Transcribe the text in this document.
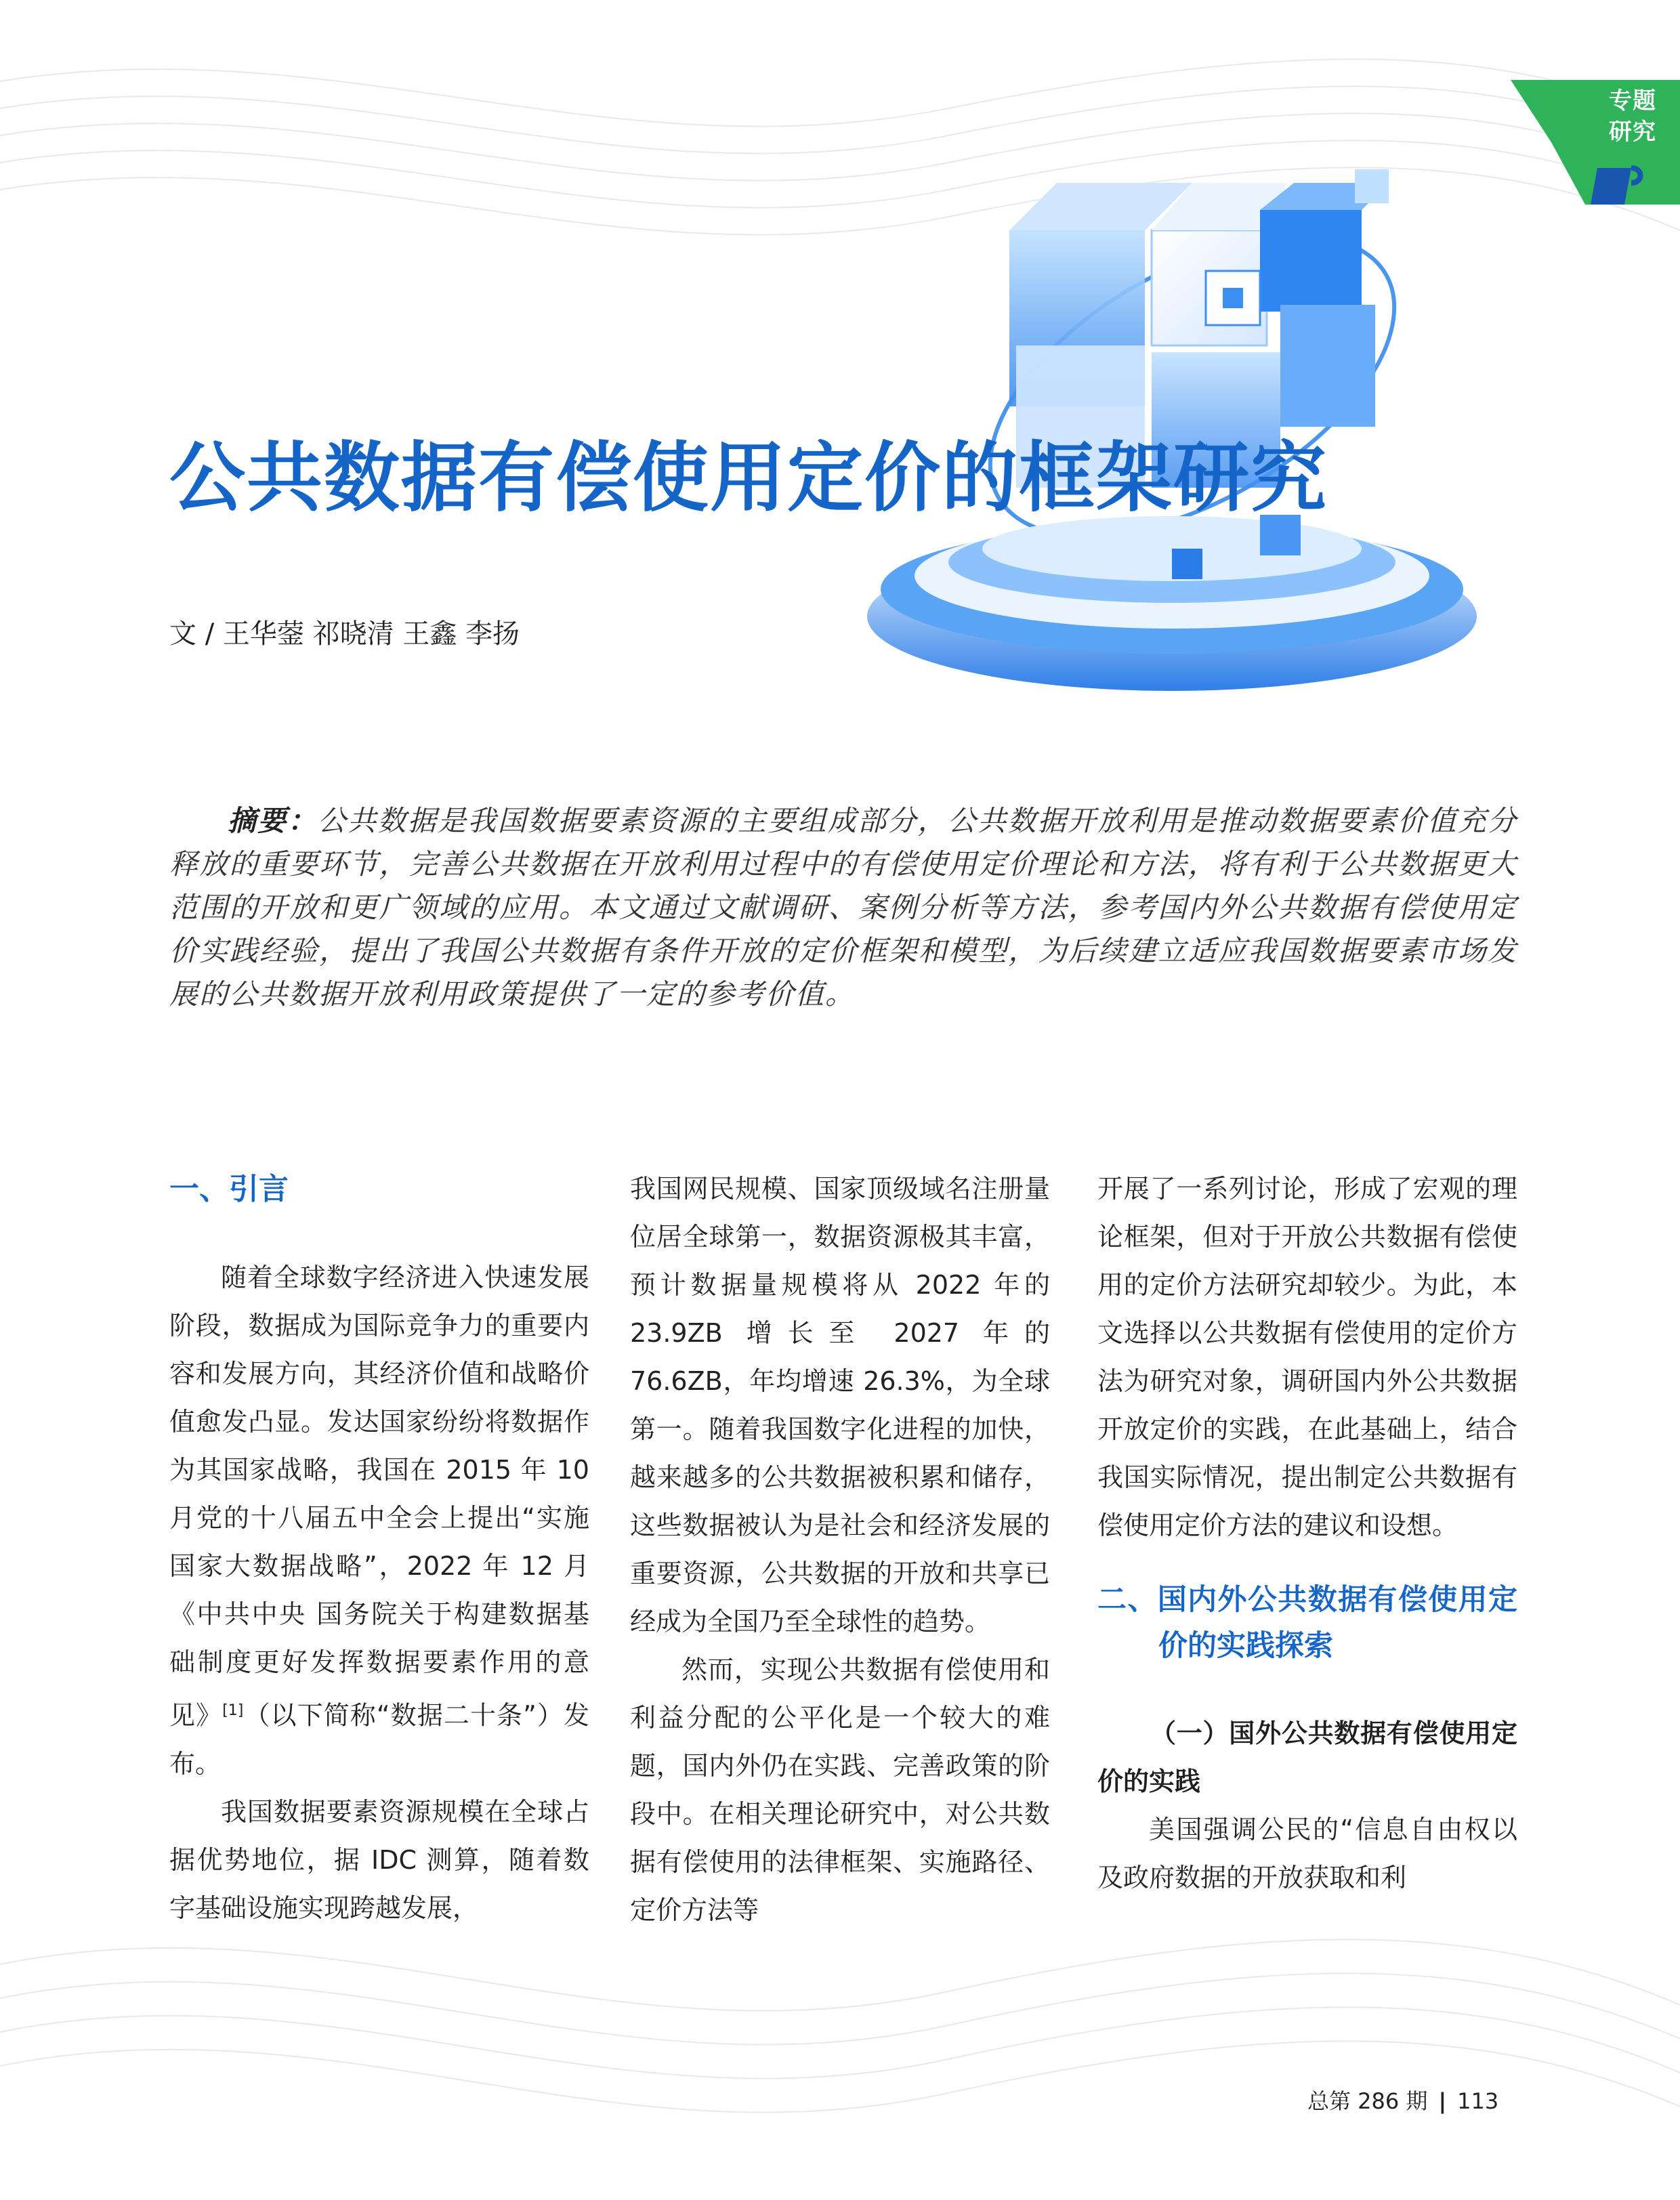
专题
研究
公共数据有偿使用定价的框架研究

文 / 王华蓥 祁晓清 王鑫 李扬

摘要：公共数据是我国数据要素资源的主要组成部分，公共数据开放利用是推动数据要素价值充分释放的重要环节，完善公共数据在开放利用过程中的有偿使用定价理论和方法，将有利于公共数据更大范围的开放和更广领域的应用。本文通过文献调研、案例分析等方法，参考国内外公共数据有偿使用定价实践经验，提出了我国公共数据有条件开放的定价框架和模型，为后续建立适应我国数据要素市场发展的公共数据开放利用政策提供了一定的参考价值。
一、引言

随着全球数字经济进入快速发展阶段，数据成为国际竞争力的重要内容和发展方向，其经济价值和战略价值愈发凸显。发达国家纷纷将数据作为其国家战略，我国在 2015 年 10 月党的十八届五中全会上提出“实施国家大数据战略”，2022 年 12 月《中共中央 国务院关于构建数据基础制度更好发挥数据要素作用的意见》[1]（以下简称“数据二十条”）发布。

我国数据要素资源规模在全球占据优势地位，据 IDC 测算，随着数字基础设施实现跨越发展，

我国网民规模、国家顶级域名注册量位居全球第一，数据资源极其丰富，预计数据量规模将从 2022 年的 23.9ZB 增长至 2027 年的 76.6ZB，年均增速 26.3%，为全球第一。随着我国数字化进程的加快，越来越多的公共数据被积累和储存，这些数据被认为是社会和经济发展的重要资源，公共数据的开放和共享已经成为全国乃至全球性的趋势。

然而，实现公共数据有偿使用和利益分配的公平化是一个较大的难题，国内外仍在实践、完善政策的阶段中。在相关理论研究中，对公共数据有偿使用的法律框架、实施路径、定价方法等

开展了一系列讨论，形成了宏观的理论框架，但对于开放公共数据有偿使用的定价方法研究却较少。为此，本文选择以公共数据有偿使用的定价方法为研究对象，调研国内外公共数据开放定价的实践，在此基础上，结合我国实际情况，提出制定公共数据有偿使用定价方法的建议和设想。

二、国内外公共数据有偿使用定价的实践探索
（一）国外公共数据有偿使用定价的实践

美国强调公民的“信息自由权以及政府数据的开放获取和利

总第 286 期 | 113
